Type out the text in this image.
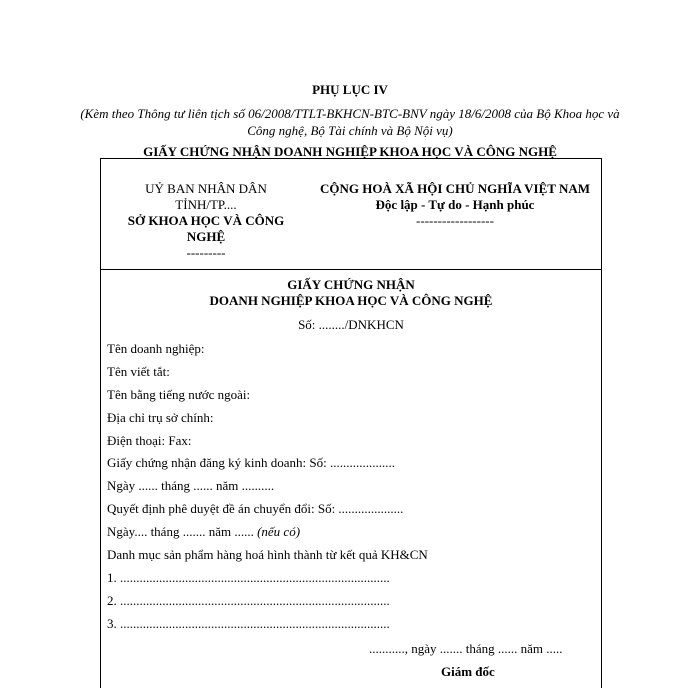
PHỤ LỤC IV
(Kèm theo Thông tư liên tịch số 06/2008/TTLT-BKHCN-BTC-BNV ngày 18/6/2008 của Bộ Khoa học và Công nghệ, Bộ Tài chính và Bộ Nội vụ)
GIẤY CHỨNG NHẬN DOANH NGHIỆP KHOA HỌC VÀ CÔNG NGHỆ
UỶ BAN NHÂN DÂN
TỈNH/TP....
SỞ KHOA HỌC VÀ CÔNG NGHỆ
---------
CỘNG HOÀ XÃ HỘI CHỦ NGHĨA VIỆT NAM
Độc lập - Tự do - Hạnh phúc
------------------
GIẤY CHỨNG NHẬN
DOANH NGHIỆP KHOA HỌC VÀ CÔNG NGHỆ
Số: ......../DNKHCN
Tên doanh nghiệp:
Tên viết tắt:
Tên bằng tiếng nước ngoài:
Địa chỉ trụ sở chính:
Điện thoại: Fax:
Giấy chứng nhận đăng ký kinh doanh: Số: ....................
Ngày ...... tháng ...... năm ..........
Quyết định phê duyệt đề án chuyển đổi: Số: ....................
Ngày.... tháng ....... năm ...... (nếu có)
Danh mục sản phẩm hàng hoá hình thành từ kết quả KH&CN
1. ...................................................................................
2. ...................................................................................
3. ...................................................................................
..........., ngày ....... tháng ...... năm .....
Giám đốc
